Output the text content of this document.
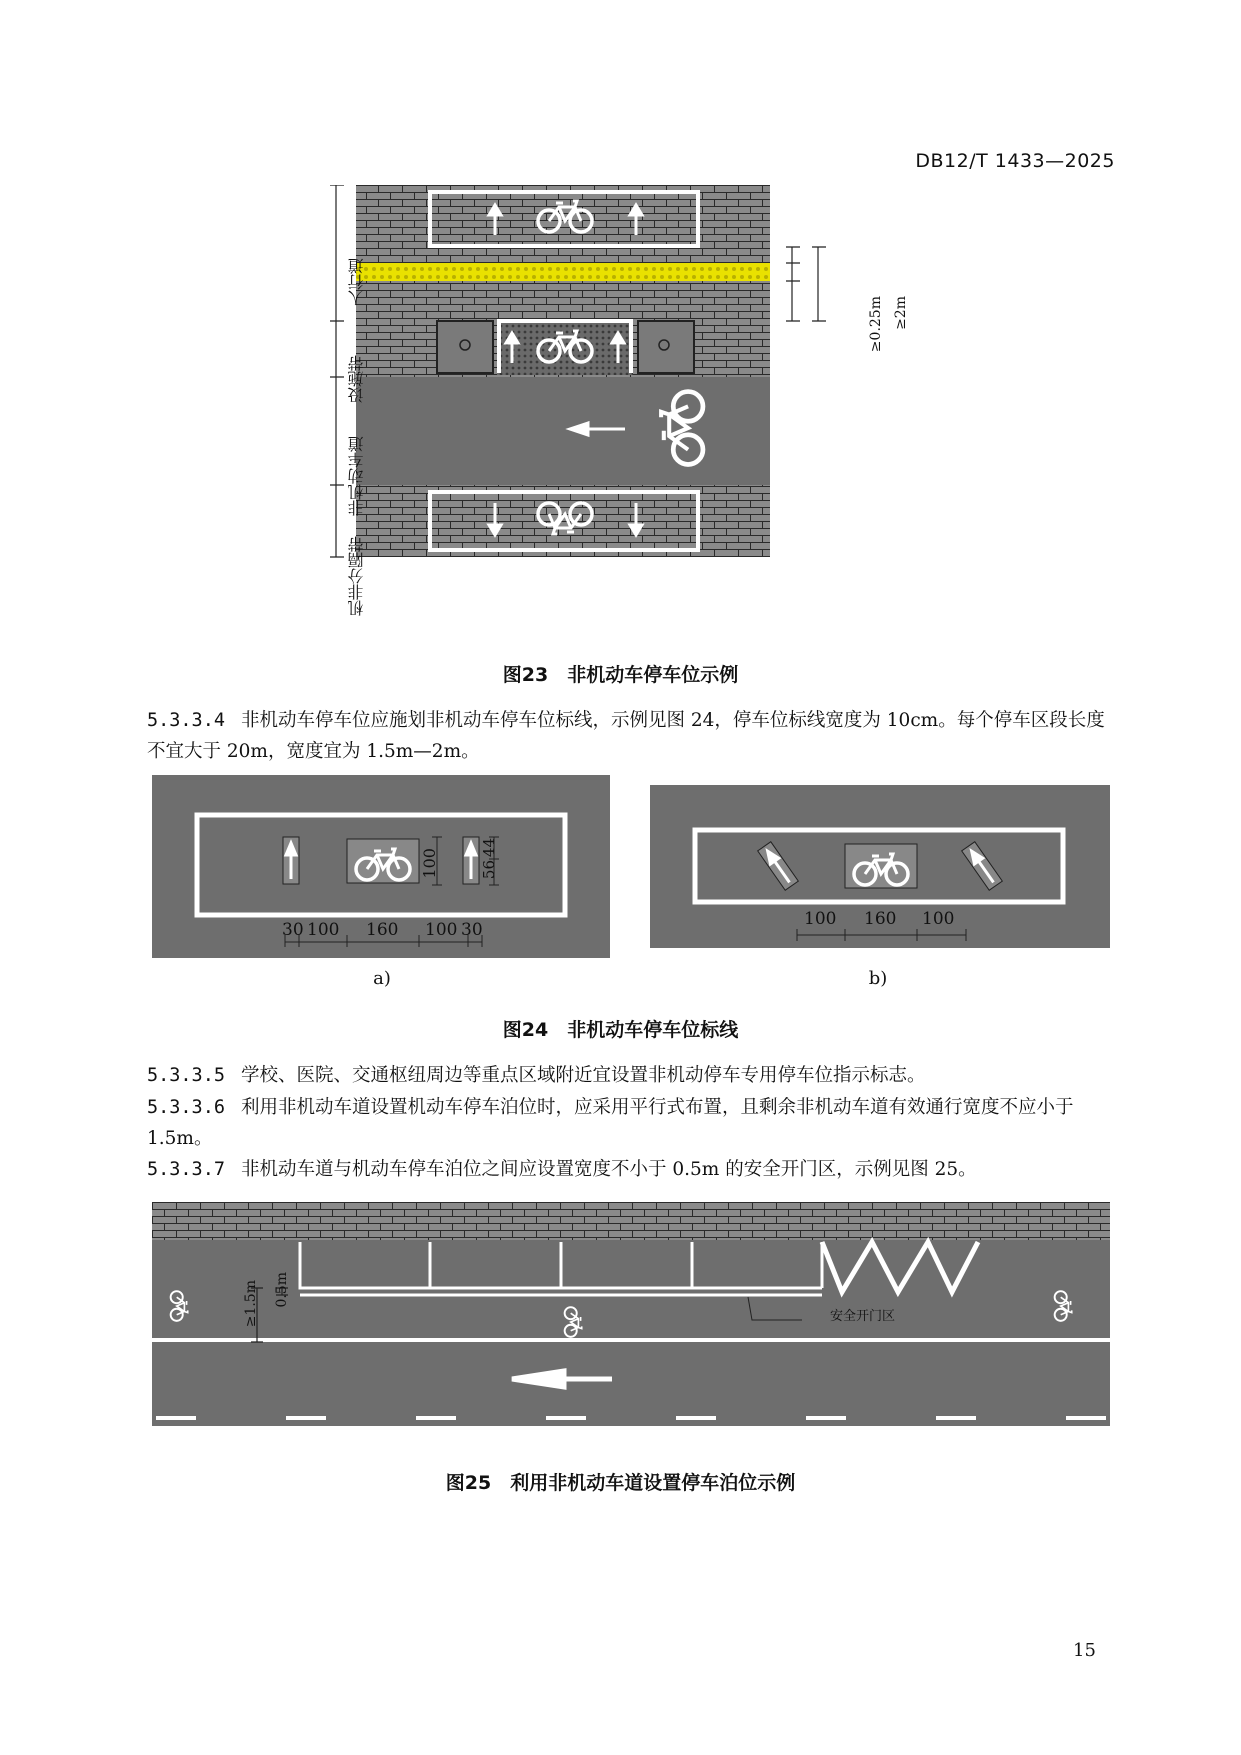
DB12/T 1433—2025
人行道
设施带
非机动车道
机非分隔带
≥0.25m ≥2m
图23　非机动车停车位示例
5.3.3.4 非机动车停车位应施划非机动车停车位标线，示例见图 24，停车位标线宽度为 10cm。每个停车区段长度不宜大于 20m，宽度宜为 1.5m—2m。
30 100 160 100 30
100	56
44
a)
100 160 100
b)
图24　非机动车停车位标线
5.3.3.5 学校、医院、交通枢纽周边等重点区域附近宜设置非机动停车专用停车位指示标志。
5.3.3.6 利用非机动车道设置机动车停车泊位时，应采用平行式布置，且剩余非机动车道有效通行宽度不应小于 1.5m。
5.3.3.7 非机动车道与机动车停车泊位之间应设置宽度不小于 0.5m 的安全开门区，示例见图 25。
≥1.5m 0.5m
安全开门区
图25　利用非机动车道设置停车泊位示例
15
